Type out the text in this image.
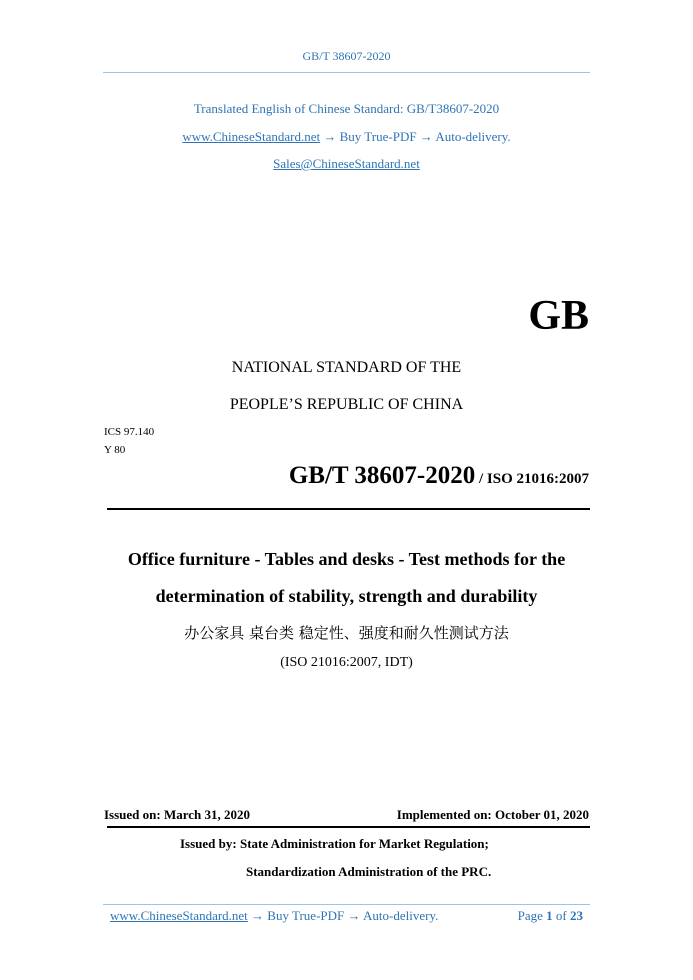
GB/T 38607-2020
Translated English of Chinese Standard: GB/T38607-2020
www.ChineseStandard.net → Buy True-PDF → Auto-delivery.
Sales@ChineseStandard.net
GB
NATIONAL STANDARD OF THE
PEOPLE’S REPUBLIC OF CHINA
ICS 97.140
Y 80
GB/T 38607-2020 / ISO 21016:2007
Office furniture - Tables and desks - Test methods for the
determination of stability, strength and durability
办公家具 桌台类 稳定性、强度和耐久性测试方法
(ISO 21016:2007, IDT)
Issued on: March 31, 2020	Implemented on: October 01, 2020
Issued by: State Administration for Market Regulation;
Standardization Administration of the PRC.
www.ChineseStandard.net → Buy True-PDF → Auto-delivery.	Page 1 of 23
